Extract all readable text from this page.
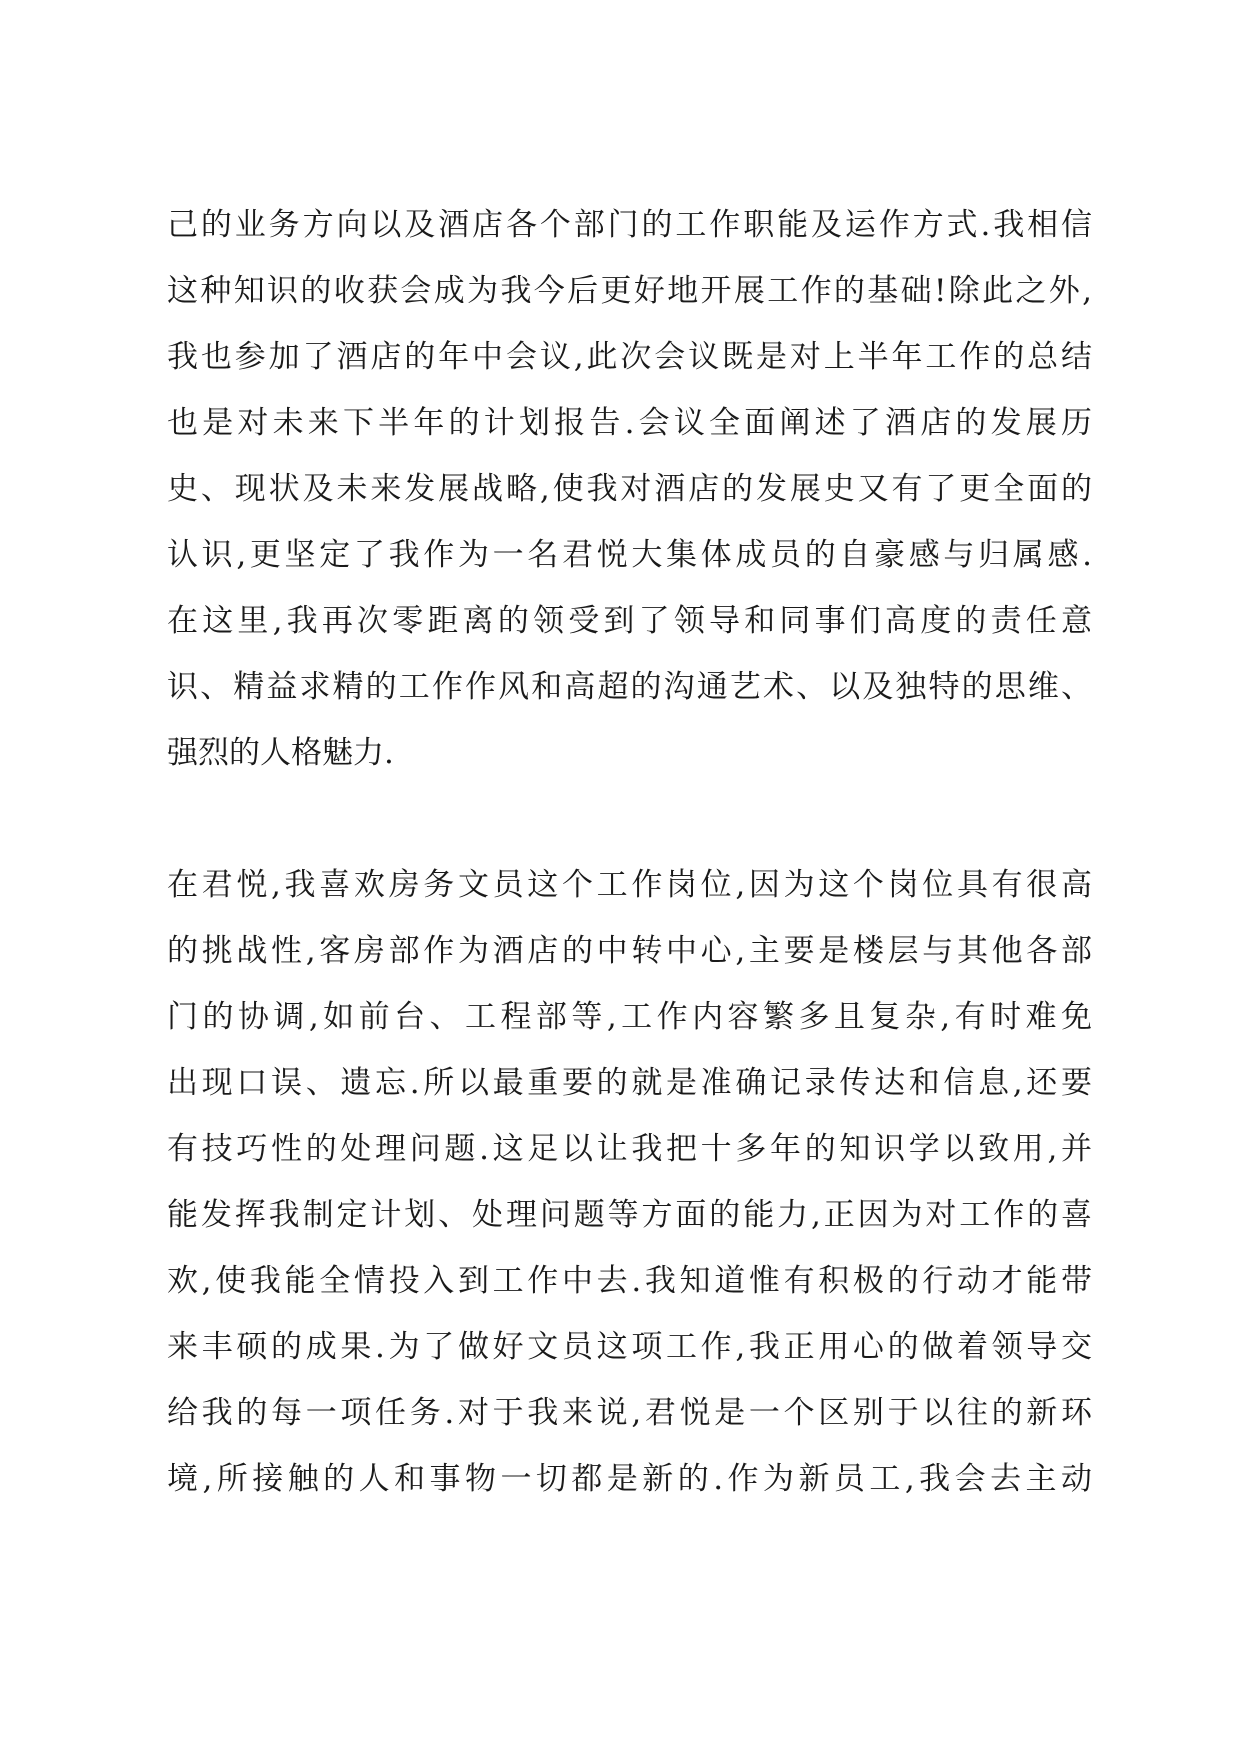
己的业务方向以及酒店各个部门的工作职能及运作方式.我相信
这种知识的收获会成为我今后更好地开展工作的基础!除此之外,
我也参加了酒店的年中会议,此次会议既是对上半年工作的总结
也是对未来下半年的计划报告.会议全面阐述了酒店的发展历
史、现状及未来发展战略,使我对酒店的发展史又有了更全面的
认识,更坚定了我作为一名君悦大集体成员的自豪感与归属感.
在这里,我再次零距离的领受到了领导和同事们高度的责任意
识、精益求精的工作作风和高超的沟通艺术、以及独特的思维、
强烈的人格魅力.
在君悦,我喜欢房务文员这个工作岗位,因为这个岗位具有很高
的挑战性,客房部作为酒店的中转中心,主要是楼层与其他各部
门的协调,如前台、工程部等,工作内容繁多且复杂,有时难免
出现口误、遗忘.所以最重要的就是准确记录传达和信息,还要
有技巧性的处理问题.这足以让我把十多年的知识学以致用,并
能发挥我制定计划、处理问题等方面的能力,正因为对工作的喜
欢,使我能全情投入到工作中去.我知道惟有积极的行动才能带
来丰硕的成果.为了做好文员这项工作,我正用心的做着领导交
给我的每一项任务.对于我来说,君悦是一个区别于以往的新环
境,所接触的人和事物一切都是新的.作为新员工,我会去主动
